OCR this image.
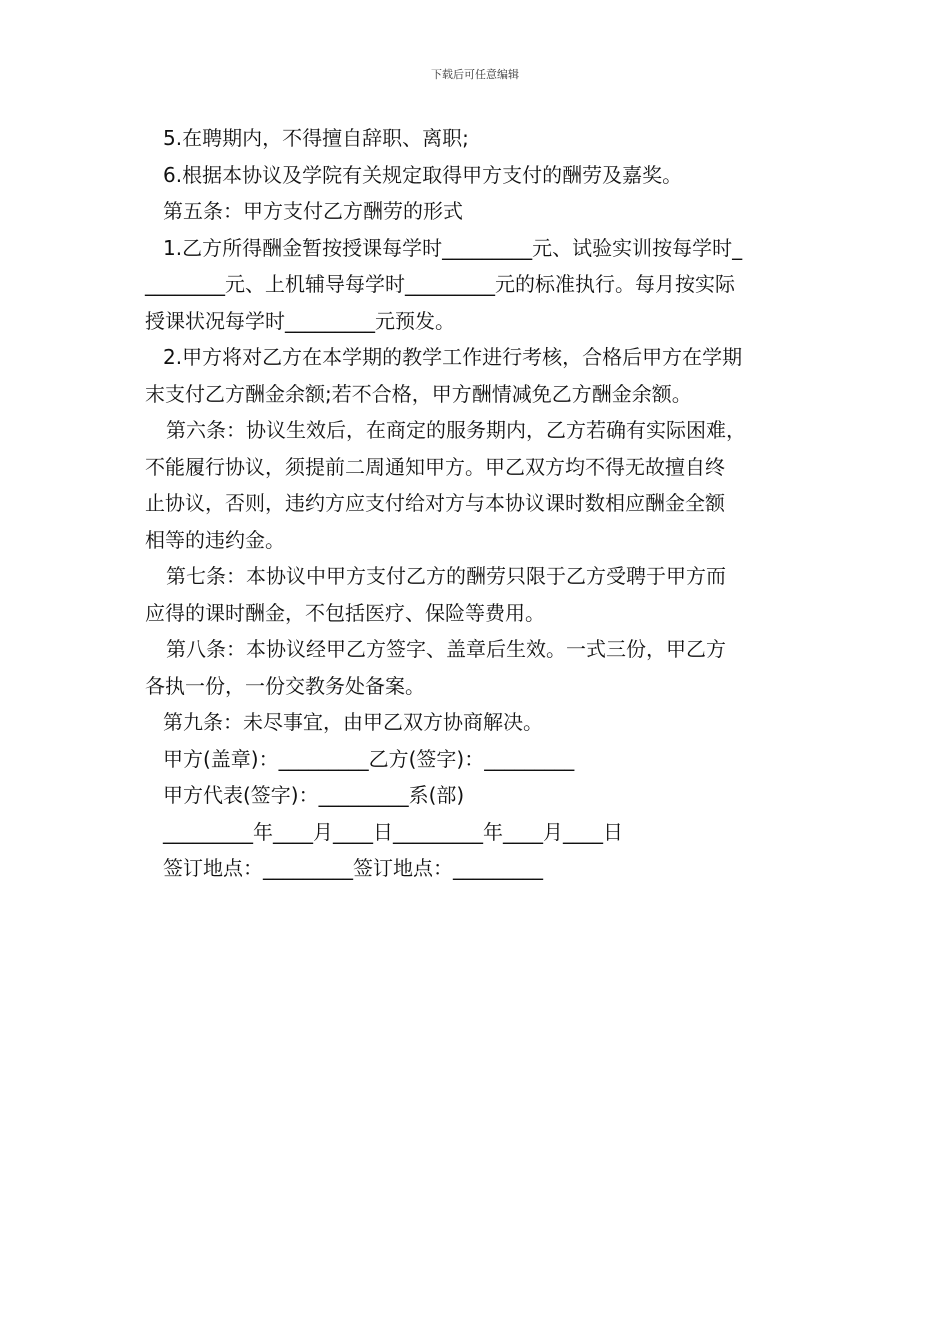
下载后可任意编辑

5.在聘期内，不得擅自辞职、离职;

6.根据本协议及学院有关规定取得甲方支付的酬劳及嘉奖。

第五条：甲方支付乙方酬劳的形式

1.乙方所得酬金暂按授课每学时_________元、试验实训按每学时_

________元、上机辅导每学时_________元的标准执行。每月按实际

授课状况每学时_________元预发。

2.甲方将对乙方在本学期的教学工作进行考核，合格后甲方在学期

末支付乙方酬金余额;若不合格，甲方酬情减免乙方酬金余额。

第六条：协议生效后，在商定的服务期内，乙方若确有实际困难，

不能履行协议，须提前二周通知甲方。甲乙双方均不得无故擅自终

止协议，否则，违约方应支付给对方与本协议课时数相应酬金全额

相等的违约金。

第七条：本协议中甲方支付乙方的酬劳只限于乙方受聘于甲方而

应得的课时酬金，不包括医疗、保险等费用。

第八条：本协议经甲乙方签字、盖章后生效。一式三份，甲乙方

各执一份，一份交教务处备案。

第九条：未尽事宜，由甲乙双方协商解决。

甲方(盖章)：_________乙方(签字)：_________

甲方代表(签字)：_________系(部)

_________年____月____日_________年____月____日

签订地点：_________签订地点：_________
